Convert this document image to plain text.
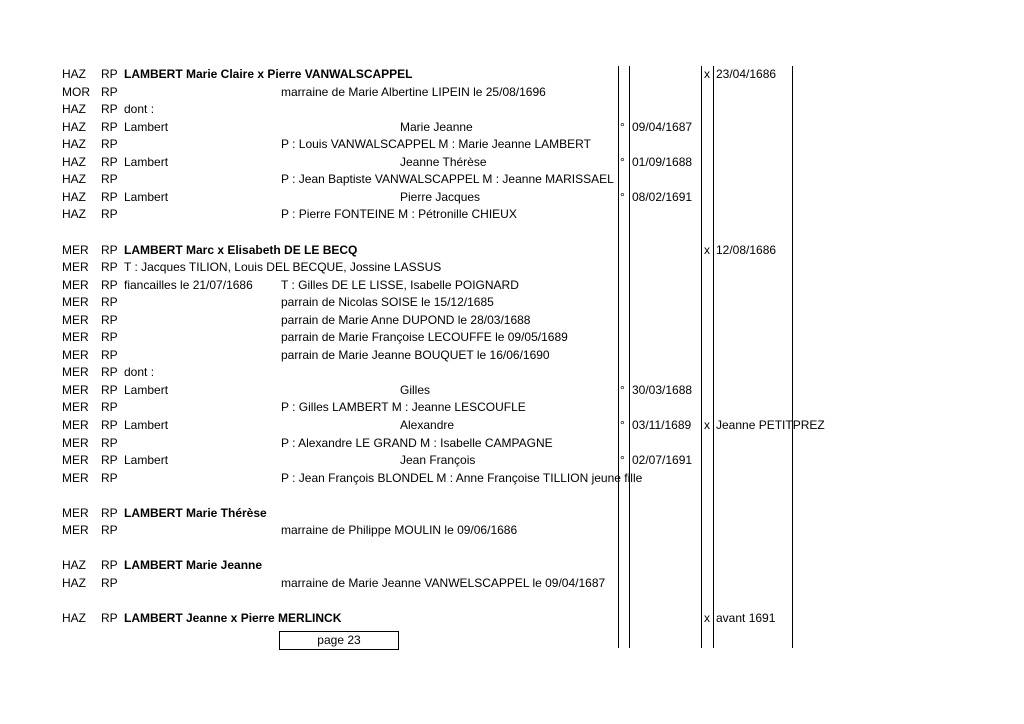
HAZ RP LAMBERT Marie Claire x Pierre VANWALSCAPPEL	x 23/04/1686
MOR RP	marraine de Marie Albertine LIPEIN le 25/08/1696
HAZ RP dont :
HAZ RP Lambert	Marie Jeanne	° 09/04/1687
HAZ RP	P : Louis VANWALSCAPPEL M : Marie Jeanne LAMBERT
HAZ RP Lambert	Jeanne Thérèse	° 01/09/1688
HAZ RP	P : Jean Baptiste VANWALSCAPPEL M : Jeanne MARISSAEL
HAZ RP Lambert	Pierre Jacques	° 08/02/1691
HAZ RP	P : Pierre FONTEINE M : Pétronille CHIEUX
MER RP LAMBERT Marc x Elisabeth DE LE BECQ	x 12/08/1686
MER RP T : Jacques TILION, Louis DEL BECQUE, Jossine LASSUS
MER RP fiancailles le 21/07/1686 T : Gilles DE LE LISSE, Isabelle POIGNARD
MER RP	parrain de Nicolas SOISE le 15/12/1685
MER RP	parrain de Marie Anne DUPOND le 28/03/1688
MER RP	parrain de Marie Françoise LECOUFFE le 09/05/1689
MER RP	parrain de Marie Jeanne BOUQUET le 16/06/1690
MER RP dont :
MER RP Lambert	Gilles	° 30/03/1688
MER RP	P : Gilles LAMBERT M : Jeanne LESCOUFLE
MER RP Lambert	Alexandre	° 03/11/1689 x Jeanne PETITPREZ
MER RP	P : Alexandre LE GRAND M : Isabelle CAMPAGNE
MER RP Lambert	Jean François	° 02/07/1691
MER RP	P : Jean François BLONDEL M : Anne Françoise TILLION jeune fille
MER RP LAMBERT Marie Thérèse
MER RP	marraine de Philippe MOULIN le 09/06/1686
HAZ RP LAMBERT Marie Jeanne
HAZ RP	marraine de Marie Jeanne VANWELSCAPPEL le 09/04/1687
HAZ RP LAMBERT Jeanne x Pierre MERLINCK	x avant 1691
page 23
